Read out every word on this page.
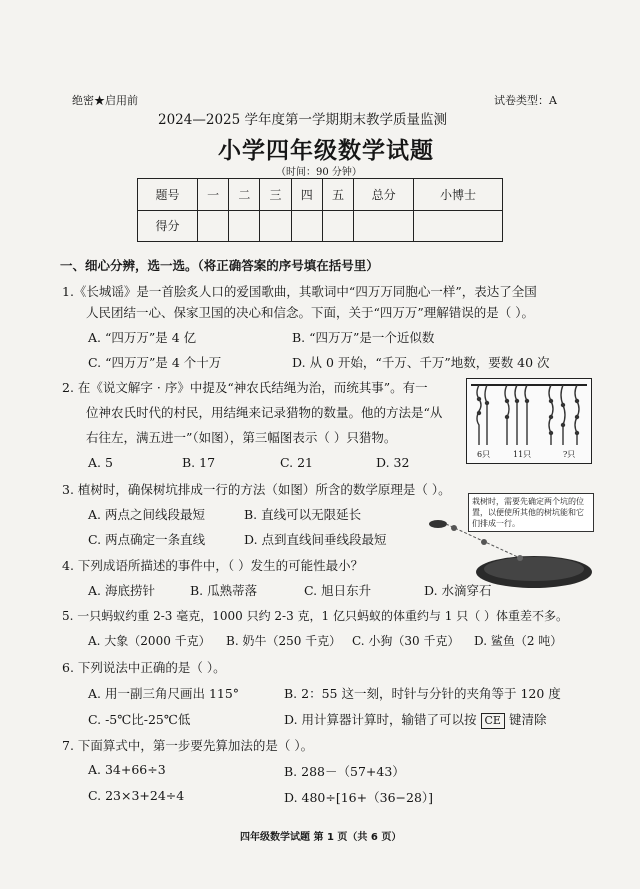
绝密★启用前	试卷类型：A
2024—2025 学年度第一学期期末教学质量监测
小学四年级数学试题
（时间：90 分钟）
题号	一	二	三	四	五	总分	小博士
得分							
一、细心分辨，选一选。（将正确答案的序号填在括号里）
1.《长城谣》是一首脍炙人口的爱国歌曲，其歌词中“四万万同胞心一样”，表达了全国
人民团结一心、保家卫国的决心和信念。下面，关于“四万万”理解错误的是（ ）。
A. “四万万”是 4 亿	B. “四万万”是一个近似数
C. “四万万”是 4 个十万	D. 从 0 开始，“千万、千万”地数，要数 40 次
2. 在《说文解字 · 序》中提及“神农氏结绳为治，而统其事”。有一
位神农氏时代的村民，用结绳来记录猎物的数量。他的方法是“从
右往左，满五进一”（如图），第三幅图表示（ ）只猎物。
A. 5	B. 17	C. 21	D. 32
6只	11只	?只
3. 植树时，确保树坑排成一行的方法（如图）所含的数学原理是（ ）。
A. 两点之间线段最短	B. 直线可以无限延长
C. 两点确定一条直线	D. 点到直线间垂线段最短
栽树时，需要先确定两个坑的位置，以便使所其他的树坑能和它们排成一行。
4. 下列成语所描述的事件中，（ ）发生的可能性最小？
A. 海底捞针	B. 瓜熟蒂落	C. 旭日东升	D. 水滴穿石
5. 一只蚂蚁约重 2-3 毫克，1000 只约 2-3 克，1 亿只蚂蚁的体重约与 1 只（ ）体重差不多。
A. 大象（2000 千克） B. 奶牛（250 千克） C. 小狗（30 千克） D. 鲨鱼（2 吨）
6. 下列说法中正确的是（ ）。
A. 用一副三角尺画出 115°	B. 2：55 这一刻，时针与分针的夹角等于 120 度
C. -5℃比-25℃低	D. 用计算器计算时，输错了可以按 CE 键清除
7. 下面算式中，第一步要先算加法的是（ ）。
A. 34+66÷3	B. 288－（57+43）
C. 23×3+24÷4	D. 480÷[16+（36−28）]
四年级数学试题 第 1 页（共 6 页）
